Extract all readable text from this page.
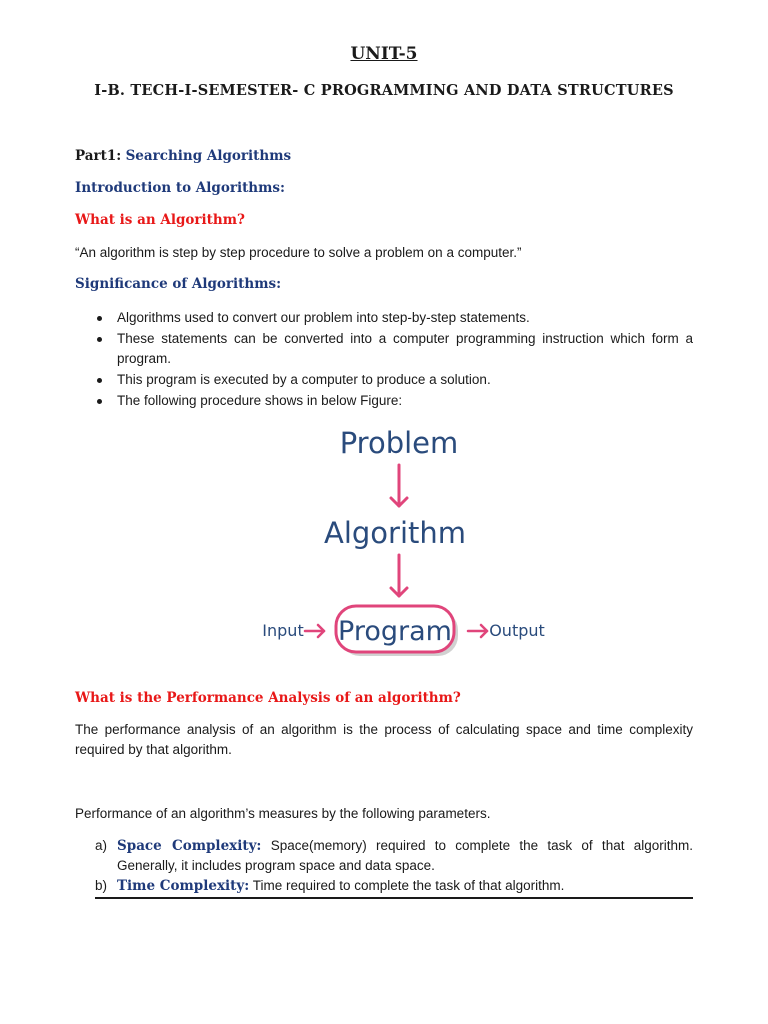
UNIT-5
I-B. TECH-I-SEMESTER- C PROGRAMMING AND DATA STRUCTURES
Part1: Searching Algorithms
Introduction to Algorithms:
What is an Algorithm?
“An algorithm is step by step procedure to solve a problem on a computer.”
Significance of Algorithms:
Algorithms used to convert our problem into step-by-step statements.
These statements can be converted into a computer programming instruction which form a program.
This program is executed by a computer to produce a solution.
The following procedure shows in below Figure:
Problem
Algorithm
Input Program Output
What is the Performance Analysis of an algorithm?
The performance analysis of an algorithm is the process of calculating space and time complexity required by that algorithm.
Performance of an algorithm’s measures by the following parameters.
a) Space Complexity: Space(memory) required to complete the task of that algorithm. Generally, it includes program space and data space.
b) Time Complexity: Time required to complete the task of that algorithm.
